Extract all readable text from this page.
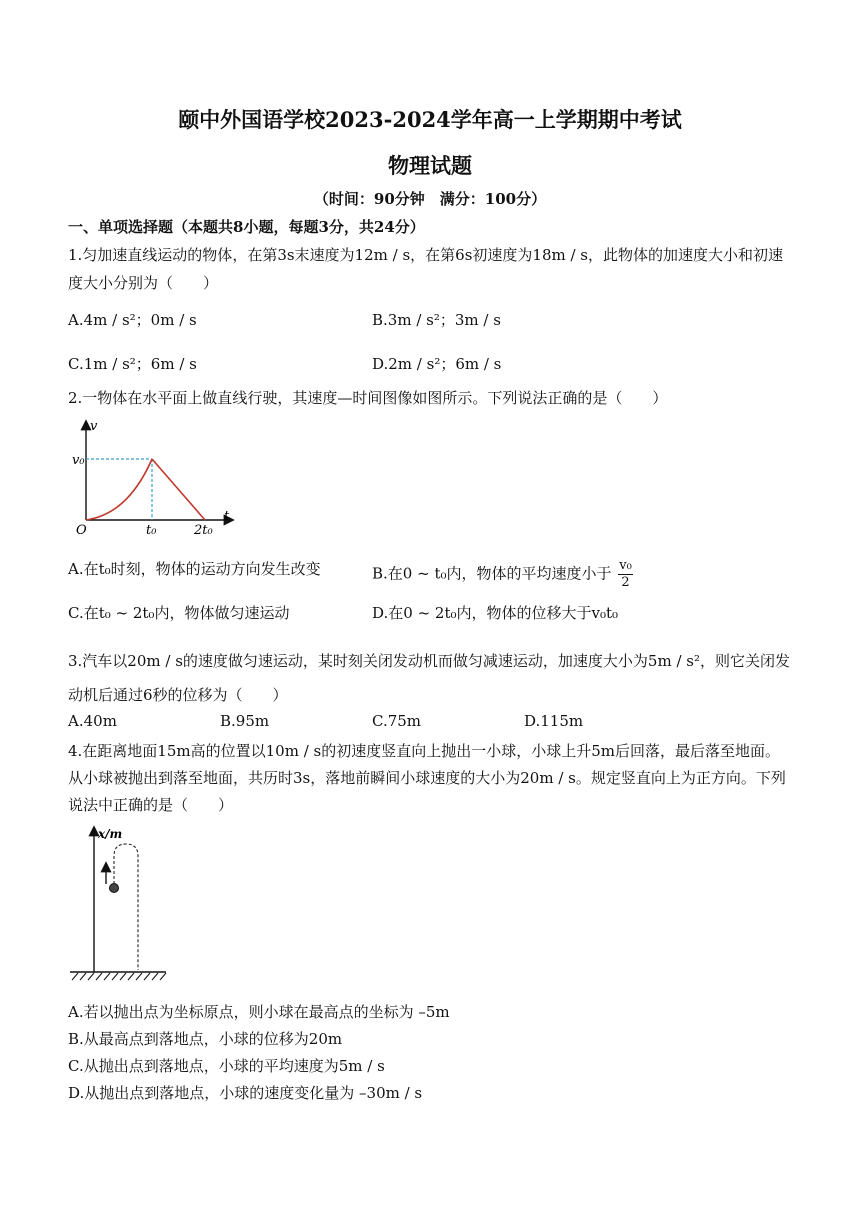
颐中外国语学校2023-2024学年高一上学期期中考试
物理试题
（时间：90分钟　满分：100分）
一、单项选择题（本题共8小题，每题3分，共24分）
1.匀加速直线运动的物体，在第3s末速度为12m / s，在第6s初速度为18m / s，此物体的加速度大小和初速
度大小分别为（　　）
A.4m / s²；0m / s	B.3m / s²；3m / s
C.1m / s²；6m / s	D.2m / s²；6m / s
2.一物体在水平面上做直线行驶，其速度—时间图像如图所示。下列说法正确的是（　　）
v
t
v₀
O	t₀	2t₀
A.在t₀时刻，物体的运动方向发生改变	B.在0 ~ t₀内，物体的平均速度小于 $\frac{\text{v₀}}{2}$
C.在t₀ ~ 2t₀内，物体做匀速运动	D.在0 ~ 2t₀内，物体的位移大于v₀t₀
3.汽车以20m / s的速度做匀速运动，某时刻关闭发动机而做匀减速运动，加速度大小为5m / s²，则它关闭发
动机后通过6秒的位移为（　　）
A.40m	B.95m	C.75m	D.115m
4.在距离地面15m高的位置以10m / s的初速度竖直向上抛出一小球，小球上升5m后回落，最后落至地面。
从小球被抛出到落至地面，共历时3s，落地前瞬间小球速度的大小为20m / s。规定竖直向上为正方向。下列
说法中正确的是（　　）
x/m
A.若以抛出点为坐标原点，则小球在最高点的坐标为 –5m
B.从最高点到落地点，小球的位移为20m
C.从抛出点到落地点，小球的平均速度为5m / s
D.从抛出点到落地点，小球的速度变化量为 –30m / s
